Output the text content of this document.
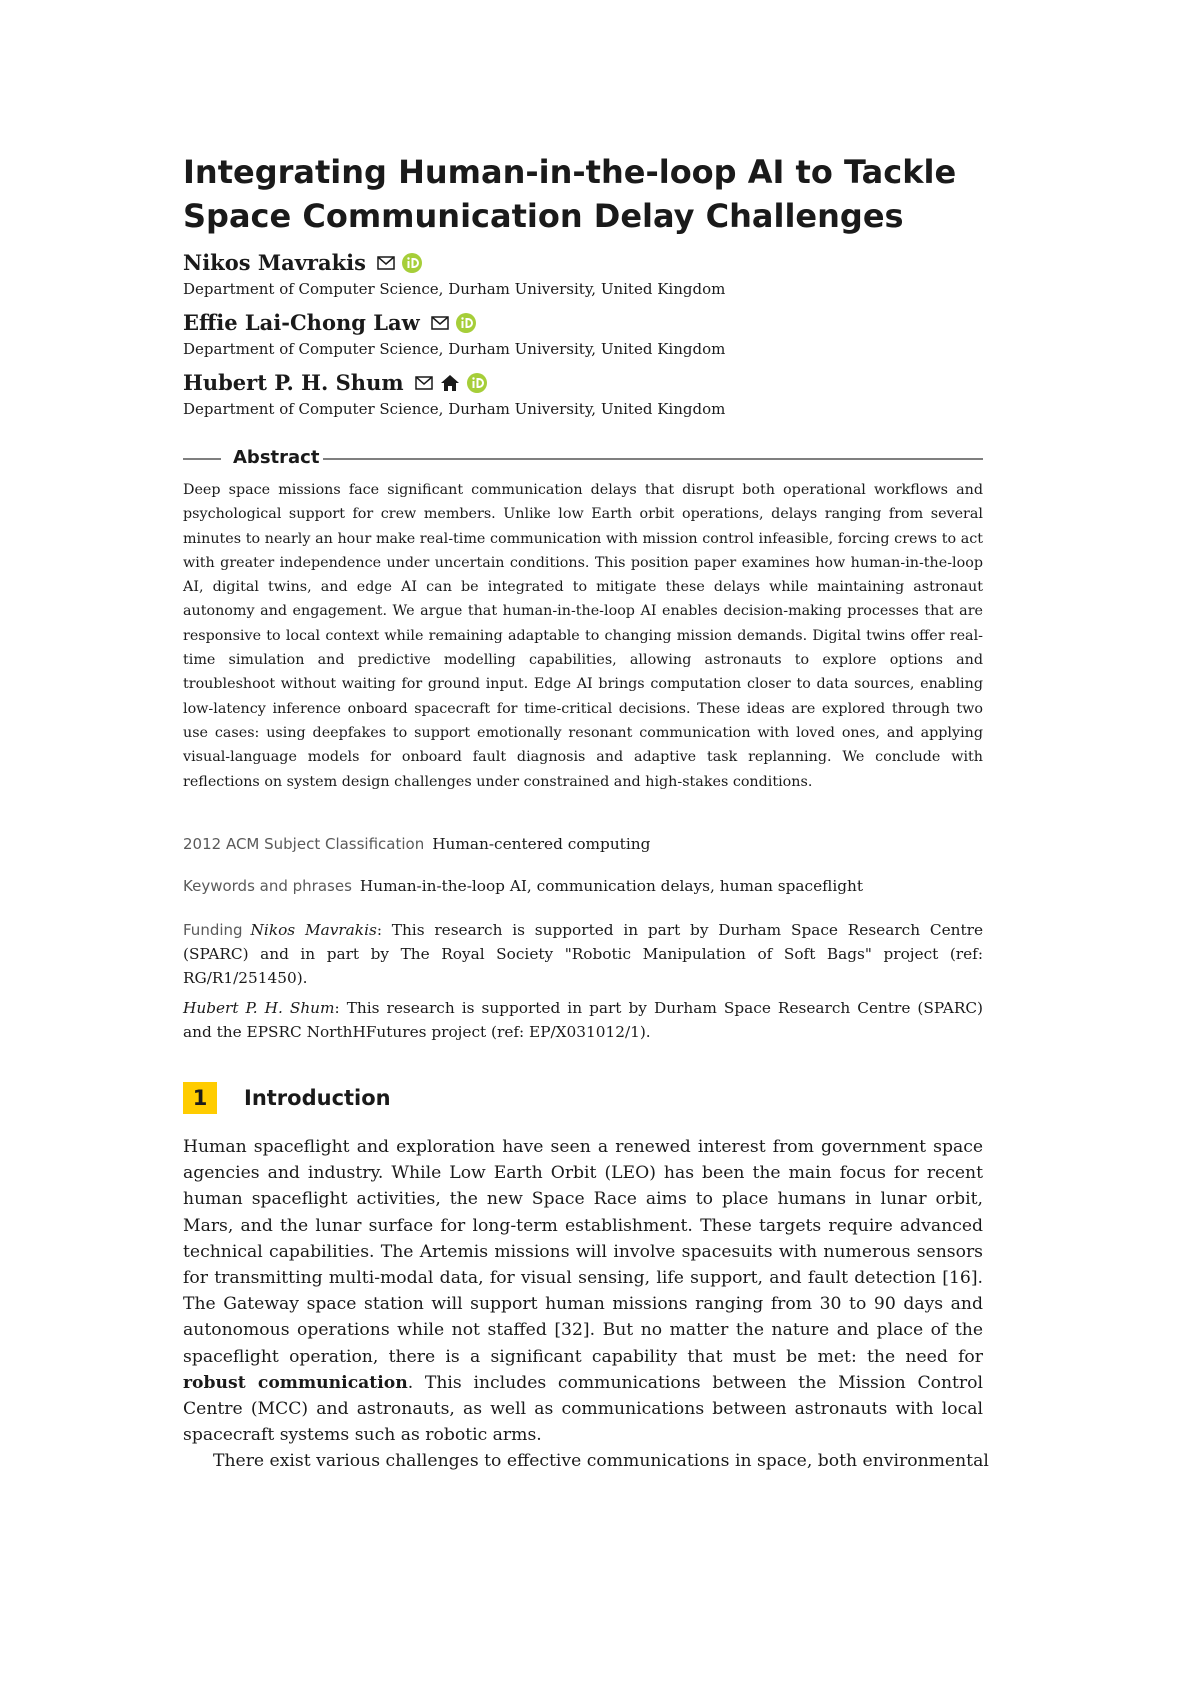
Integrating Human-in-the-loop AI to Tackle Space Communication Delay Challenges
Nikos Mavrakis
Department of Computer Science, Durham University, United Kingdom
Effie Lai-Chong Law
Department of Computer Science, Durham University, United Kingdom
Hubert P. H. Shum
Department of Computer Science, Durham University, United Kingdom
Abstract

Deep space missions face significant communication delays that disrupt both operational workflows and psychological support for crew members. Unlike low Earth orbit operations, delays ranging from several minutes to nearly an hour make real-time communication with mission control infeasible, forcing crews to act with greater independence under uncertain conditions. This position paper examines how human-in-the-loop AI, digital twins, and edge AI can be integrated to mitigate these delays while maintaining astronaut autonomy and engagement. We argue that human-in-the-loop AI enables decision-making processes that are responsive to local context while remaining adaptable to changing mission demands. Digital twins offer real-time simulation and predictive modelling capabilities, allowing astronauts to explore options and troubleshoot without waiting for ground input. Edge AI brings computation closer to data sources, enabling low-latency inference onboard spacecraft for time-critical decisions. These ideas are explored through two use cases: using deepfakes to support emotionally resonant communication with loved ones, and applying visual-language models for onboard fault diagnosis and adaptive task replanning. We conclude with reflections on system design challenges under constrained and high-stakes conditions.

2012 ACM Subject Classification Human-centered computing

Keywords and phrases Human-in-the-loop AI, communication delays, human spaceflight

Funding Nikos Mavrakis: This research is supported in part by Durham Space Research Centre (SPARC) and in part by The Royal Society "Robotic Manipulation of Soft Bags" project (ref: RG/R1/251450).

Hubert P. H. Shum: This research is supported in part by Durham Space Research Centre (SPARC) and the EPSRC NorthHFutures project (ref: EP/X031012/1).

1	Introduction

Human spaceflight and exploration have seen a renewed interest from government space agencies and industry. While Low Earth Orbit (LEO) has been the main focus for recent human spaceflight activities, the new Space Race aims to place humans in lunar orbit, Mars, and the lunar surface for long-term establishment. These targets require advanced technical capabilities. The Artemis missions will involve spacesuits with numerous sensors for transmitting multi-modal data, for visual sensing, life support, and fault detection [16]. The Gateway space station will support human missions ranging from 30 to 90 days and autonomous operations while not staffed [32]. But no matter the nature and place of the spaceflight operation, there is a significant capability that must be met: the need for robust communication. This includes communications between the Mission Control Centre (MCC) and astronauts, as well as communications between astronauts with local spacecraft systems such as robotic arms.

There exist various challenges to effective communications in space, both environmental
